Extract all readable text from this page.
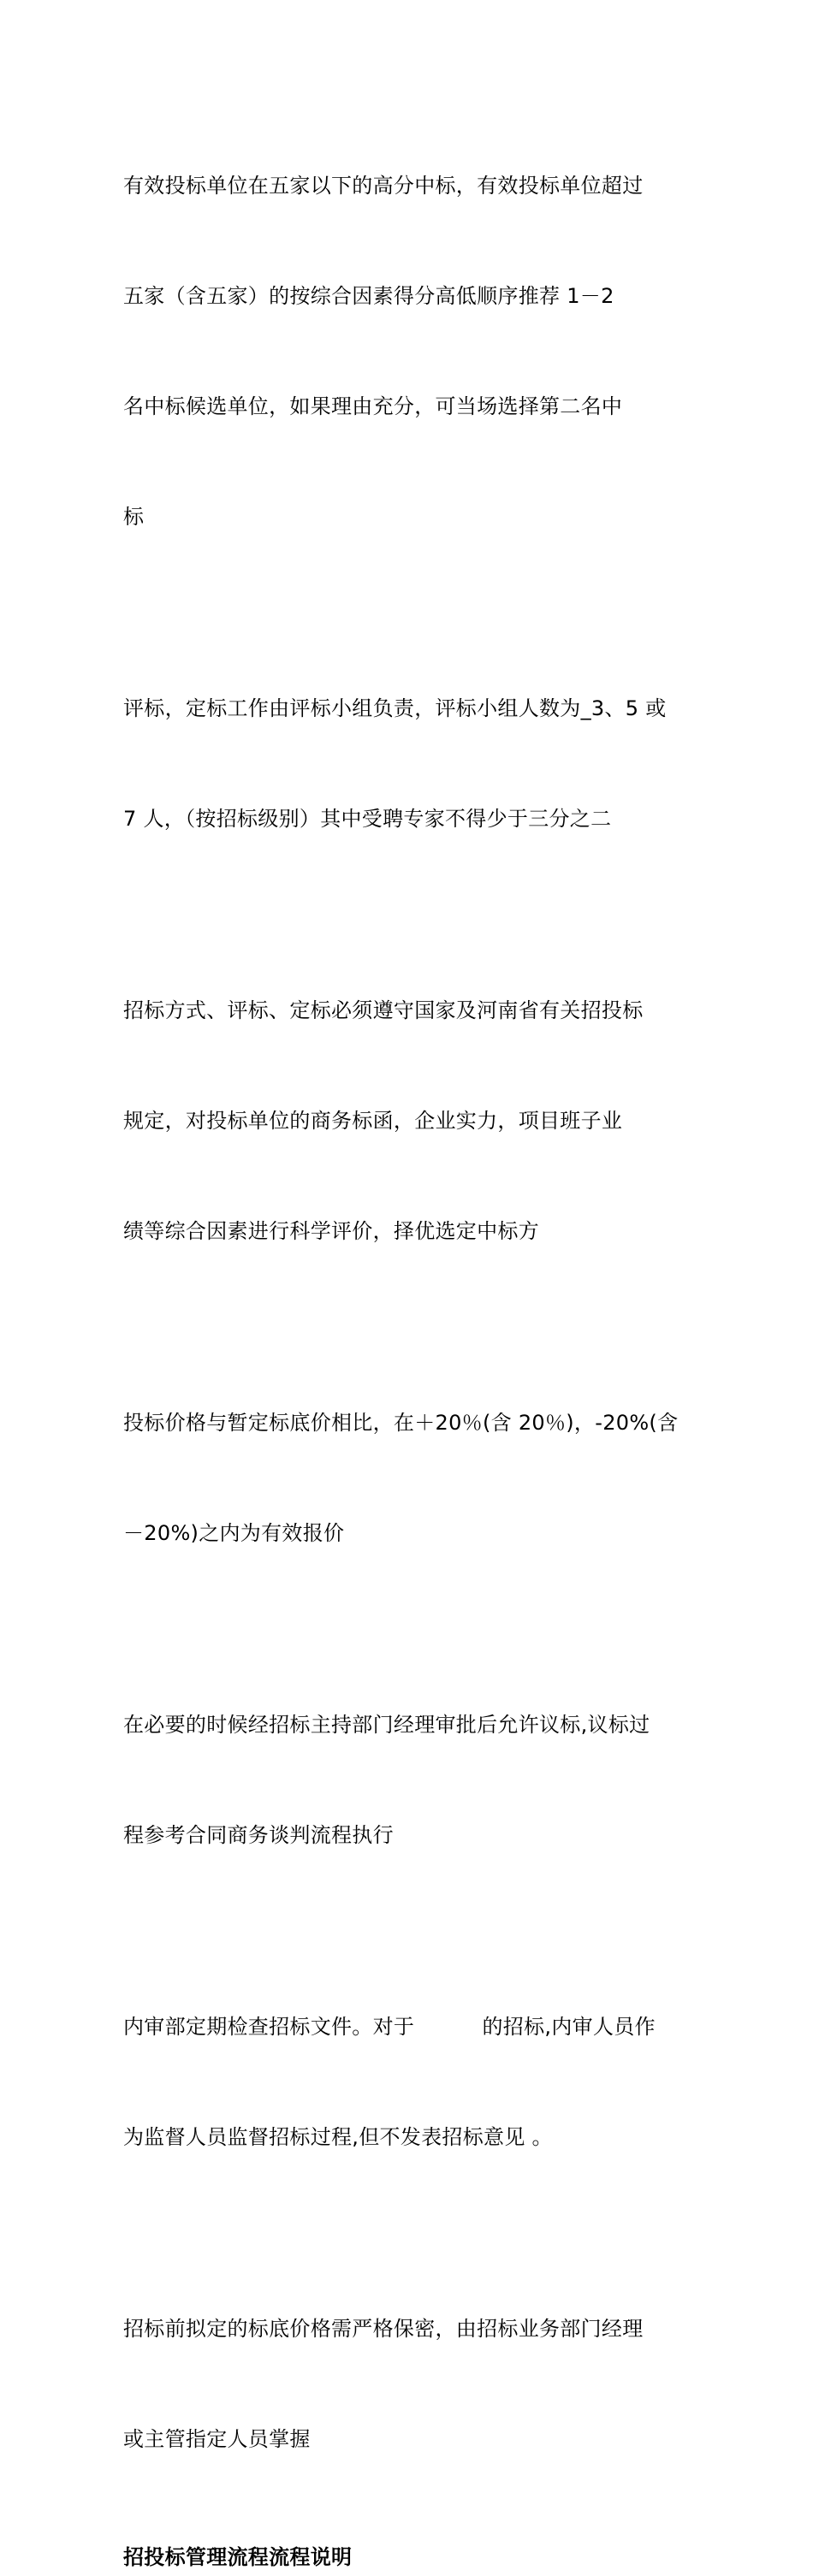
有效投标单位在五家以下的高分中标，有效投标单位超过

五家（含五家）的按综合因素得分高低顺序推荐 1－2

名中标候选单位，如果理由充分，可当场选择第二名中

标

评标，定标工作由评标小组负责，评标小组人数为_3、5 或

7 人，（按招标级别）其中受聘专家不得少于三分之二

招标方式、评标、定标必须遵守国家及河南省有关招投标

规定，对投标单位的商务标函，企业实力，项目班子业

绩等综合因素进行科学评价，择优选定中标方

投标价格与暂定标底价相比，在＋20％(含 20％)，-20%(含

－20%)之内为有效报价

在必要的时候经招标主持部门经理审批后允许议标,议标过

程参考合同商务谈判流程执行

内审部定期检查招标文件。对于          的招标,内审人员作

为监督人员监督招标过程,但不发表招标意见 。

招标前拟定的标底价格需严格保密，由招标业务部门经理

或主管指定人员掌握

招投标管理流程流程说明
